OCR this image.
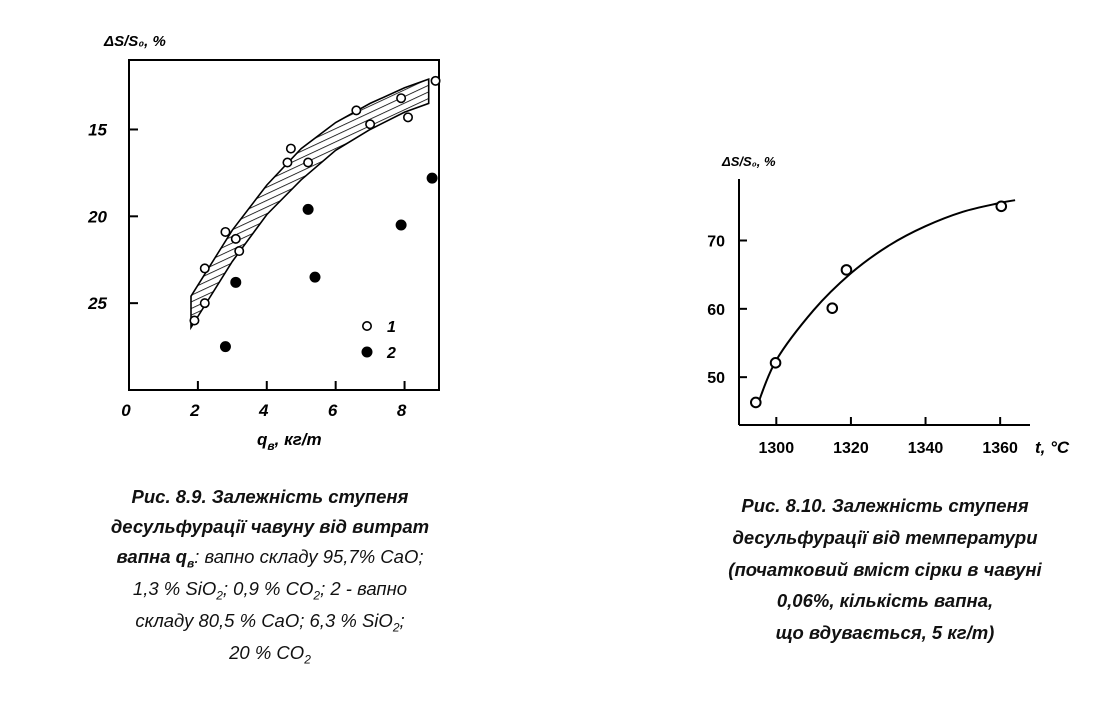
ΔS/S₀, %
15
20
25
0	2	4	6	8
1
2
$q_в$, кг/т
ΔS/S₀, %
50
60
70
1300 1320 1340 1360 t, °C
Рис. 8.9. Залежність ступеня
десульфурації чавуну від витрат
вапна $q_в$: вапно складу 95,7% CaO;
1,3 % SiO$_2$; 0,9 % $CO_2$; 2 - вапно
складу 80,5 % CaO; 6,3 % SiO$_2$;
20 % $CO_2$
Рис. 8.10. Залежність ступеня
десульфурації від температури
(початковий вміст сірки в чавуні
0,06%, кількість вапна,
що вдувається, 5 кг/т)
